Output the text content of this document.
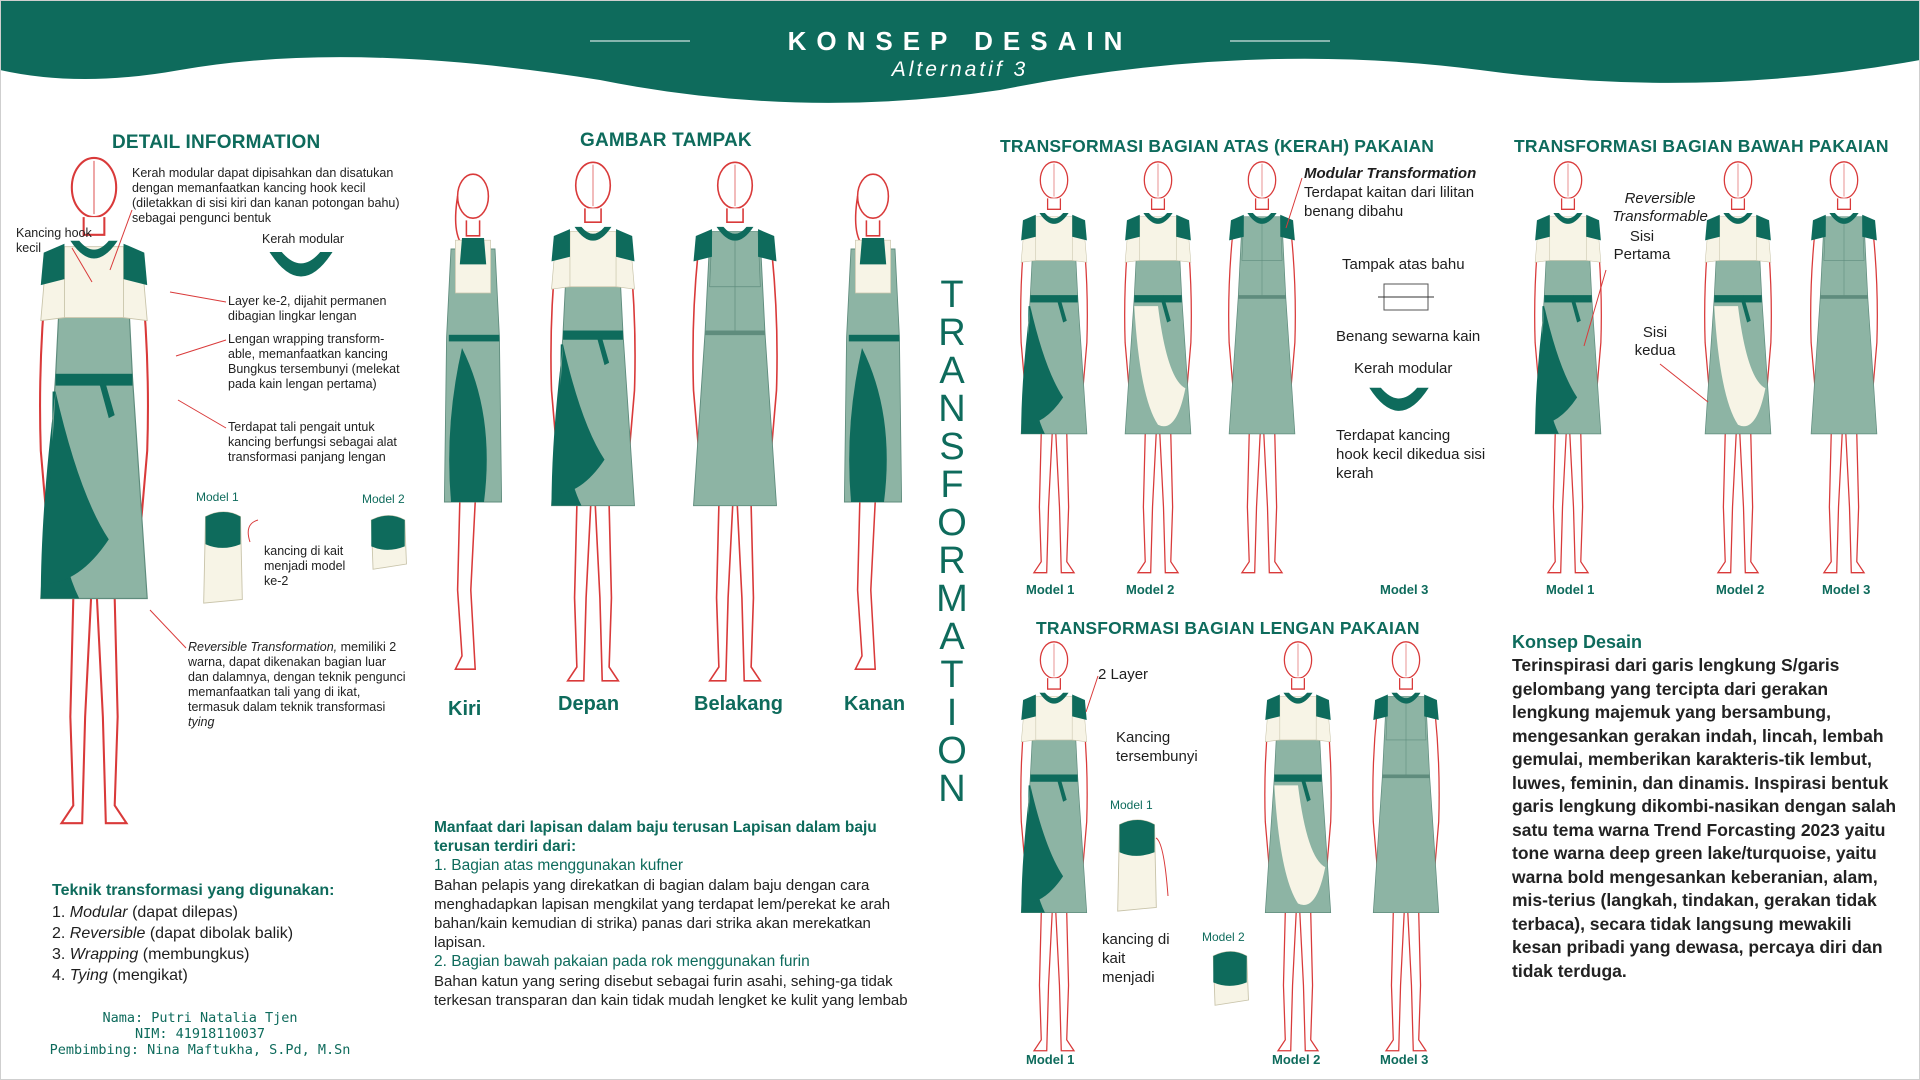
KONSEP DESAIN
Alternatif 3
DETAIL INFORMATION
Kerah modular dapat dipisahkan dan disatukan dengan memanfaatkan kancing hook kecil (diletakkan di sisi kiri dan kanan potongan bahu) sebagai pengunci bentuk
Kerah modular
Kancing hook kecil
Layer ke-2, dijahit permanen dibagian lingkar lengan
Lengan wrapping transform-able, memanfaatkan kancing Bungkus tersembunyi (melekat pada kain lengan pertama)
Terdapat tali pengait untuk kancing berfungsi sebagai alat transformasi panjang lengan
Model 1	Model 2
kancing di kait menjadi model ke-2
Reversible Transformation, memiliki 2 warna, dapat dikenakan bagian luar dan dalamnya, dengan teknik pengunci memanfaatkan tali yang di ikat, termasuk dalam teknik transformasi tying
Teknik transformasi yang digunakan:
1. Modular (dapat dilepas)
2. Reversible (dapat dibolak balik)
3. Wrapping (membungkus)
4. Tying (mengikat)
Nama: Putri Natalia Tjen
NIM: 41918110037
Pembimbing: Nina Maftukha, S.Pd, M.Sn
GAMBAR TAMPAK
Kiri	Depan	Belakang	Kanan
T
R
A
N
S
F
O
R
M
A
T
I
O
N
Manfaat dari lapisan dalam baju terusan Lapisan dalam baju terusan terdiri dari:
1. Bagian atas menggunakan kufner
Bahan pelapis yang direkatkan di bagian dalam baju dengan cara menghadapkan lapisan mengkilat yang terdapat lem/perekat ke arah bahan/kain kemudian di strika) panas dari strika akan merekatkan lapisan.
2. Bagian bawah pakaian pada rok menggunakan furin
Bahan katun yang sering disebut sebagai furin asahi, sehing-ga tidak terkesan transparan dan kain tidak mudah lengket ke kulit yang lembab
TRANSFORMASI BAGIAN ATAS (KERAH) PAKAIAN
Modular Transformation
Terdapat kaitan dari lilitan benang dibahu
Tampak atas bahu
Benang sewarna kain
Kerah modular
Terdapat kancing hook kecil dikedua sisi kerah
Model 1	Model 2	Model 3
TRANSFORMASI BAGIAN BAWAH PAKAIAN
Reversible Transformable
Sisi Pertama
Sisi kedua
Model 1	Model 2	Model 3
TRANSFORMASI BAGIAN LENGAN PAKAIAN
2 Layer
Kancing tersembunyi
Model 1
kancing di kait menjadi
Model 2
Model 1	Model 2	Model 3
Konsep Desain

Terinspirasi dari garis lengkung S/garis gelombang yang tercipta dari gerakan lengkung majemuk yang bersambung, mengesankan gerakan indah, lincah, lembah gemulai, memberikan karakteris-tik lembut, luwes, feminin, dan dinamis. Inspirasi bentuk garis lengkung dikombi-nasikan dengan salah satu tema warna Trend Forcasting 2023 yaitu tone warna deep green lake/turquoise, yaitu warna bold mengesankan keberanian, alam, mis-terius (langkah, tindakan, gerakan tidak terbaca), secara tidak langsung mewakili kesan pribadi yang dewasa, percaya diri dan tidak terduga.
